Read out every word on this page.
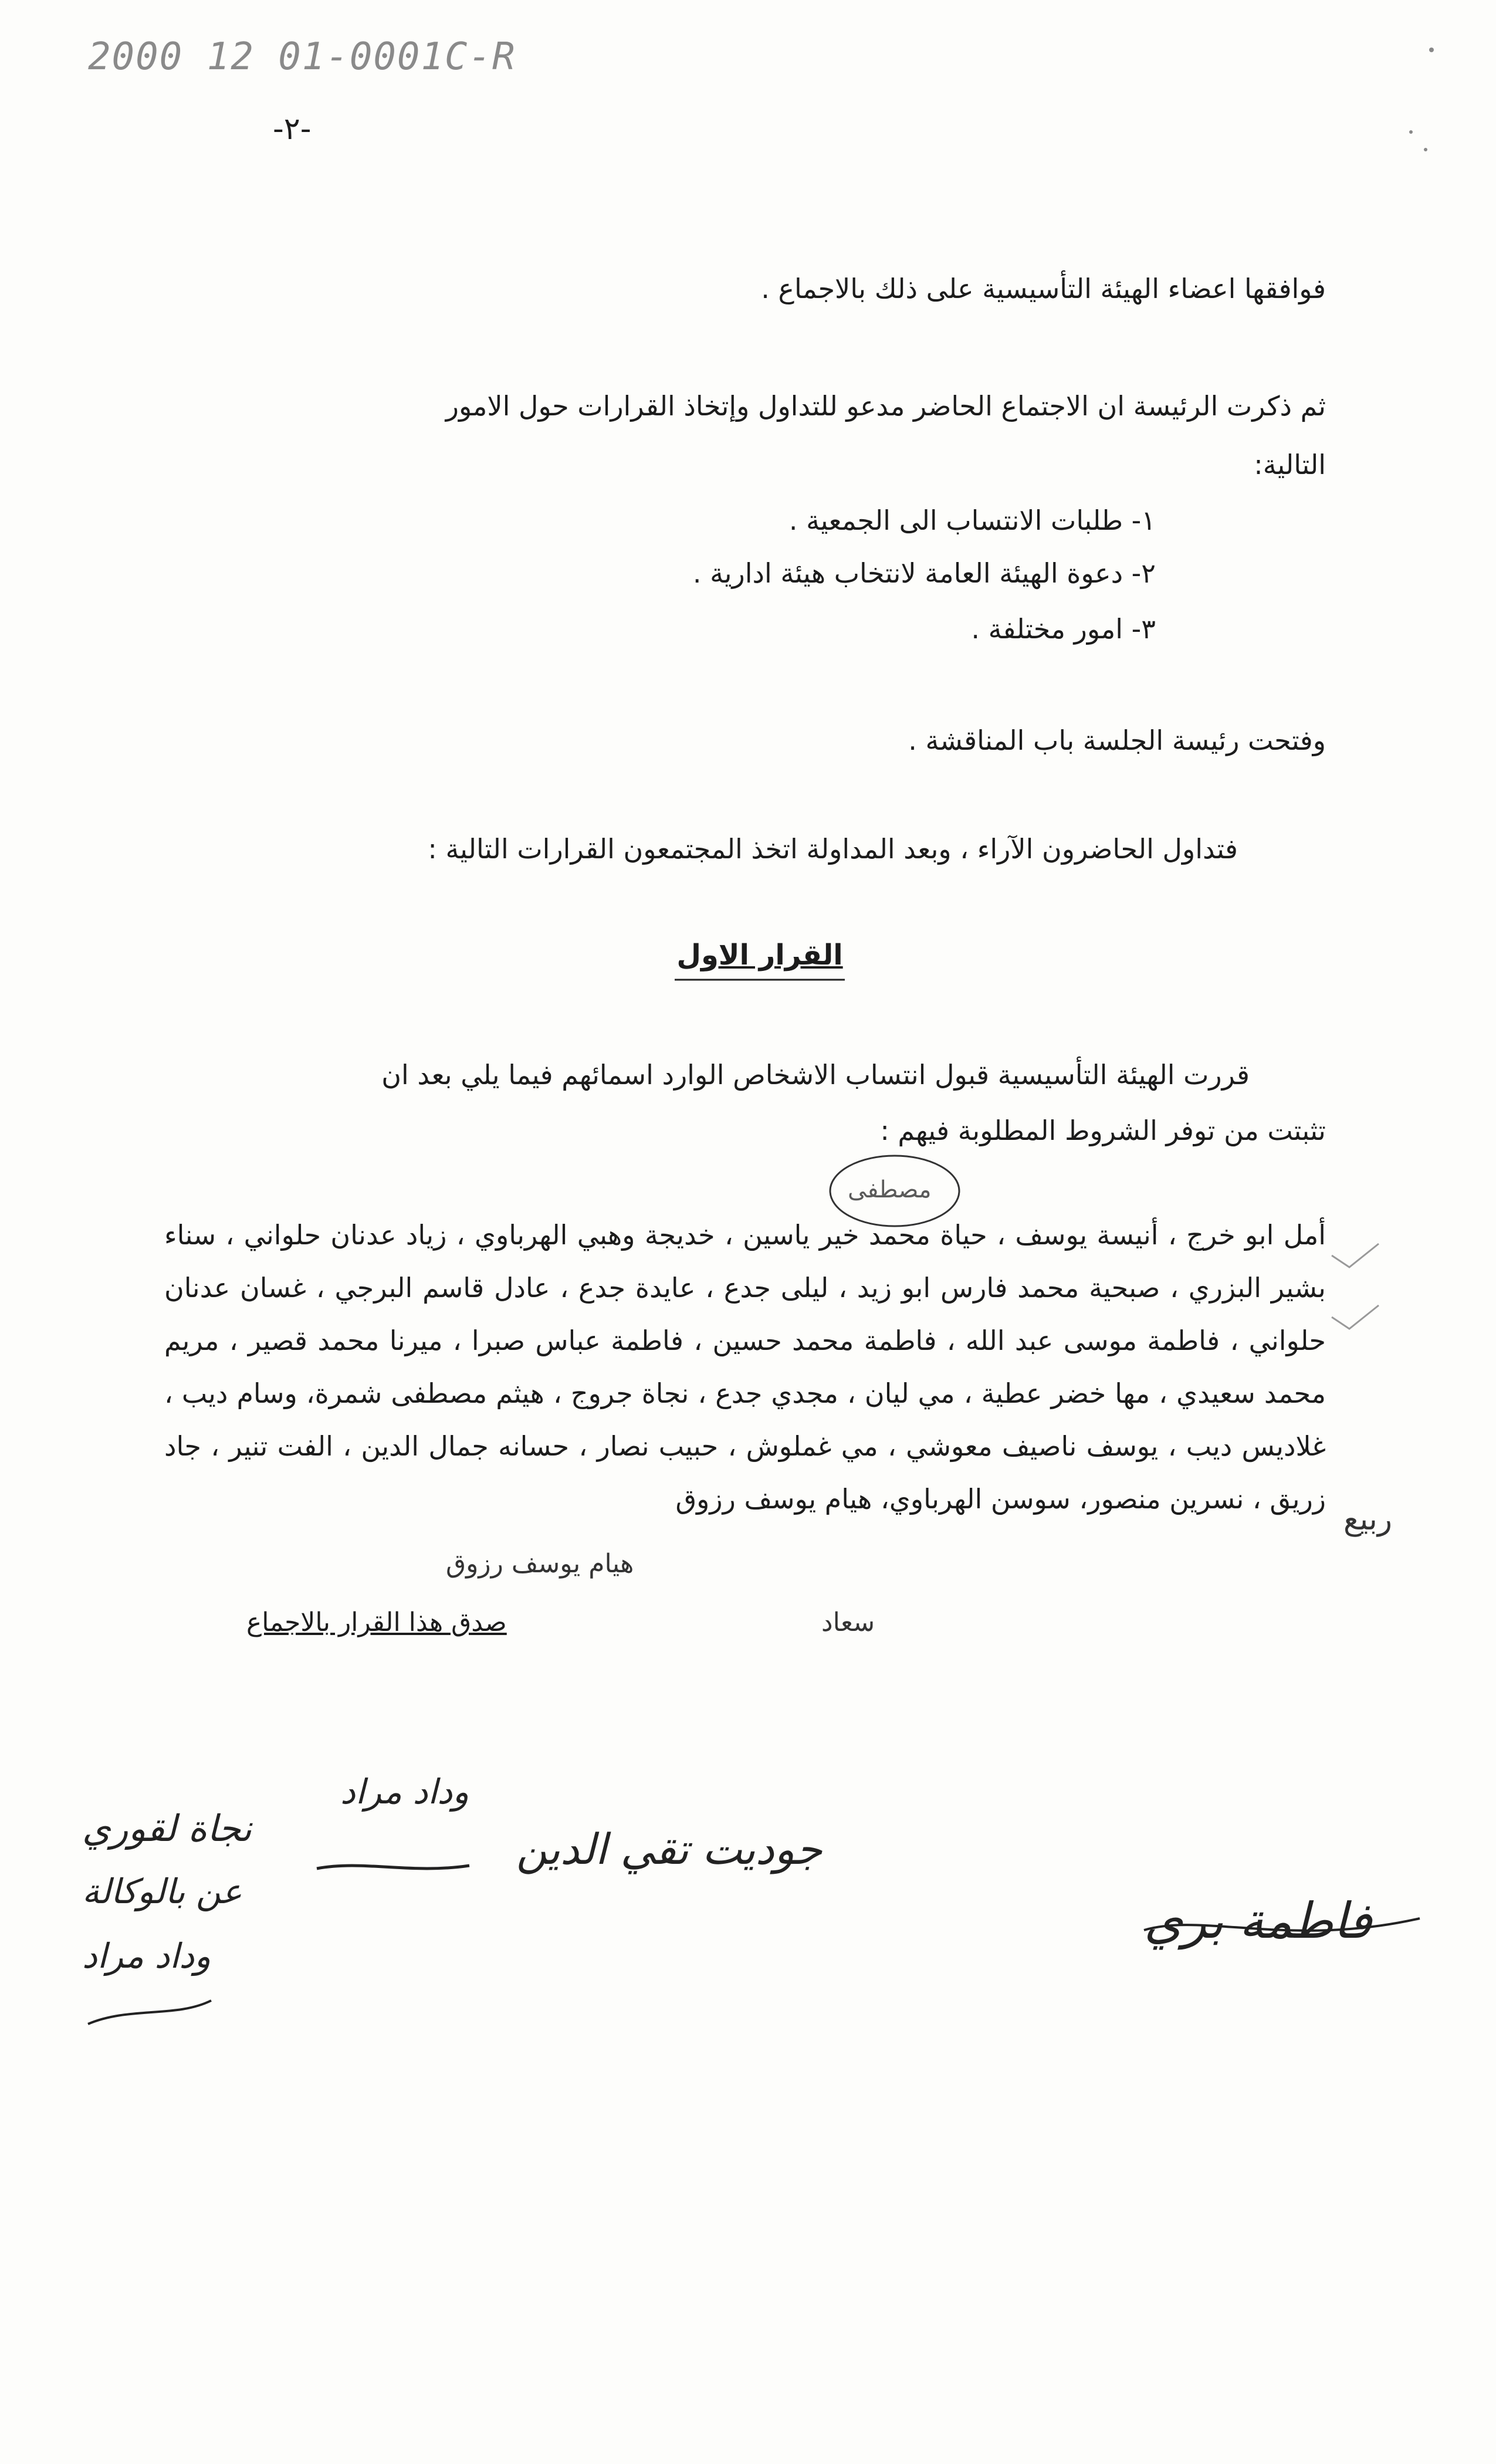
2000 12 01-0001C-R
-٢-
فوافقها اعضاء الهيئة التأسيسية على ذلك بالاجماع .
ثم ذكرت الرئيسة ان الاجتماع الحاضر مدعو للتداول وإتخاذ القرارات حول الامور
التالية:
١- طلبات الانتساب الى الجمعية .
٢- دعوة الهيئة العامة لانتخاب هيئة ادارية .
٣- امور مختلفة .
وفتحت رئيسة الجلسة باب المناقشة .
فتداول الحاضرون الآراء ، وبعد المداولة اتخذ المجتمعون القرارات التالية :
القرار الاول
قررت الهيئة التأسيسية قبول انتساب الاشخاص الوارد اسمائهم فيما يلي بعد ان
تثبتت من توفر الشروط المطلوبة فيهم :
أمل ابو خرج ، أنيسة يوسف ، حياة محمد خير ياسين ، خديجة وهبي الهرباوي ، زياد عدنان حلواني ، سناء بشير البزري ، صبحية محمد فارس ابو زيد ، ليلى جدع ، عايدة جدع ، عادل قاسم البرجي ، غسان عدنان حلواني ، فاطمة موسى عبد الله ، فاطمة محمد حسين ، فاطمة عباس صبرا ، ميرنا محمد قصير ، مريم محمد سعيدي ، مها خضر عطية ، مي ليان ، مجدي جدع ، نجاة جروج ، هيثم مصطفى شمرة، وسام ديب ، غلاديس ديب ، يوسف ناصيف معوشي ، مي غملوش ، حبيب نصار ، حسانه جمال الدين ، الفت تنير ، جاد زريق ، نسرين منصور، سوسن الهرباوي، هيام يوسف رزوق
صدق هذا القرار بالاجماع
مصطفى
ربيع
هيام يوسف رزوق
سعاد
نجاة لقوري
عن بالوكالة
وداد مراد
وداد مراد
جوديت تقي الدين
فاطمة بري
